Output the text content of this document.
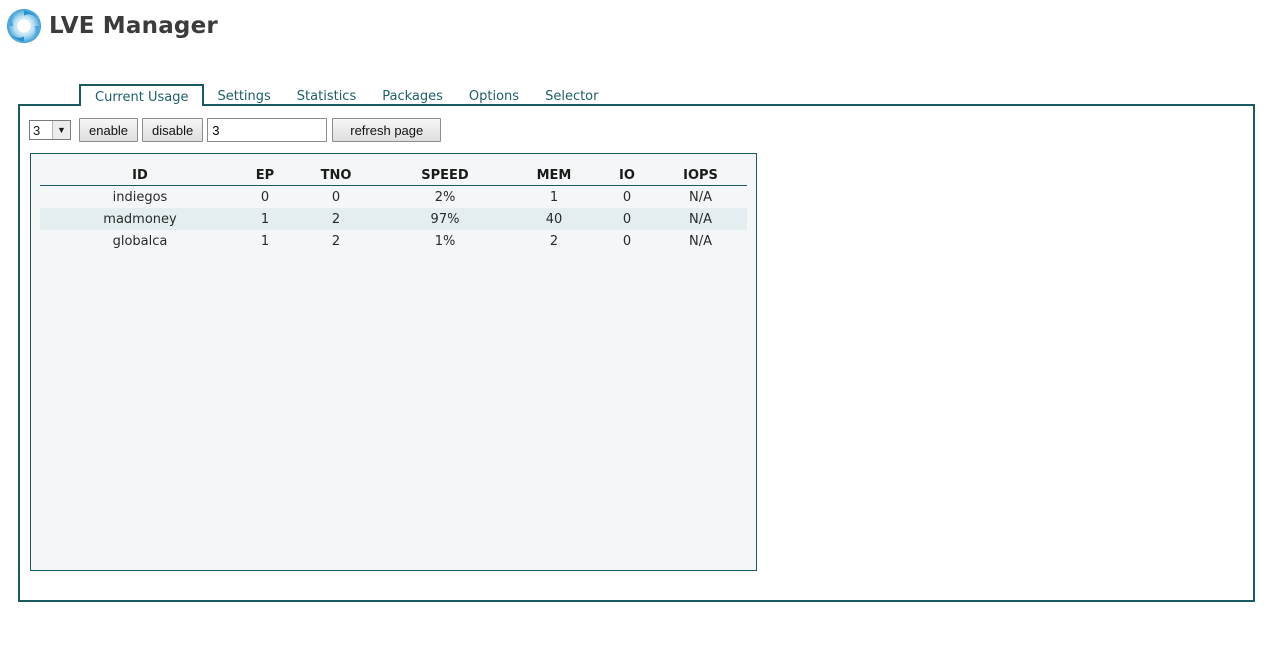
LVE Manager
Current Usage	Settings	Statistics	Packages	Options	Selector
3	▼	enable	disable
3	refresh page
ID	EP	TNO	SPEED	MEM	IO	IOPS
indiegos	0	0	2%	1	0	N/A
madmoney	1	2	97%	40	0	N/A
globalca	1	2	1%	2	0	N/A
